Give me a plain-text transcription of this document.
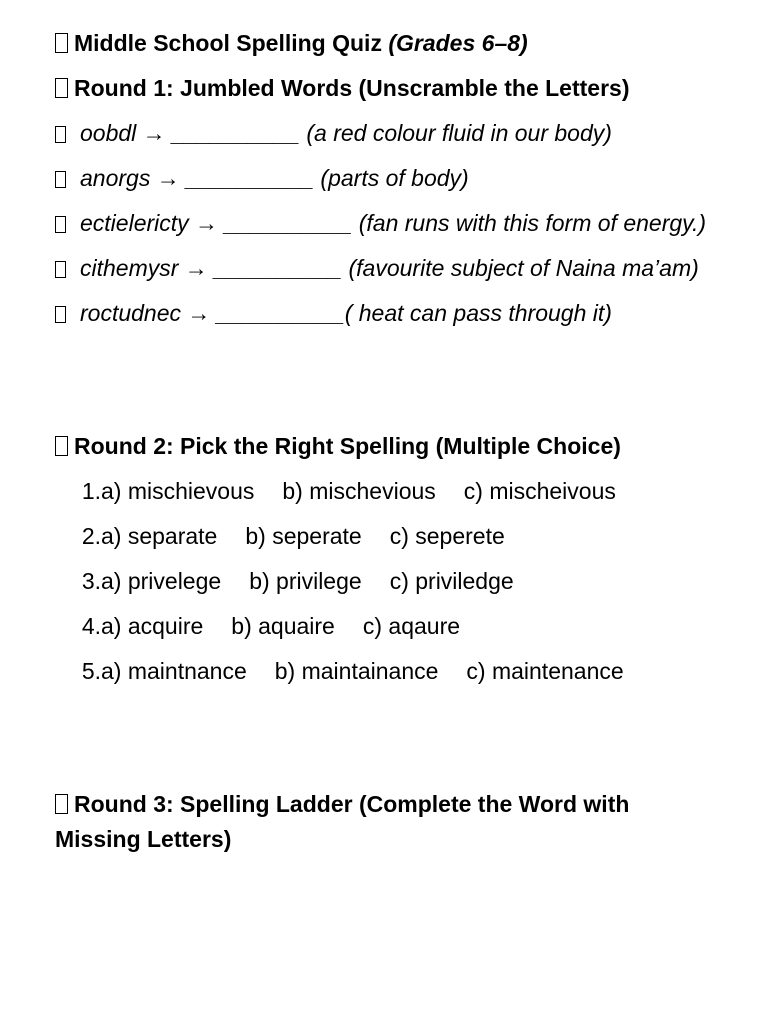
Middle School Spelling Quiz (Grades 6–8)
Round 1: Jumbled Words (Unscramble the Letters)
oobdl → __________ (a red colour fluid in our body)
anorgs → __________ (parts of body)
ectielericty → __________ (fan runs with this form of energy.)
cithemysr → __________ (favourite subject of Naina ma’am)
roctudnec → __________( heat can pass through it)
Round 2: Pick the Right Spelling (Multiple Choice)
1. a) mischievous b) mischevious c) mischeivous
2. a) separate b) seperate c) seperete
3. a) privelege b) privilege c) priviledge
4. a) acquire b) aquaire c) aqaure
5. a) maintnance b) maintainance c) maintenance
Round 3: Spelling Ladder (Complete the Word with Missing Letters)
